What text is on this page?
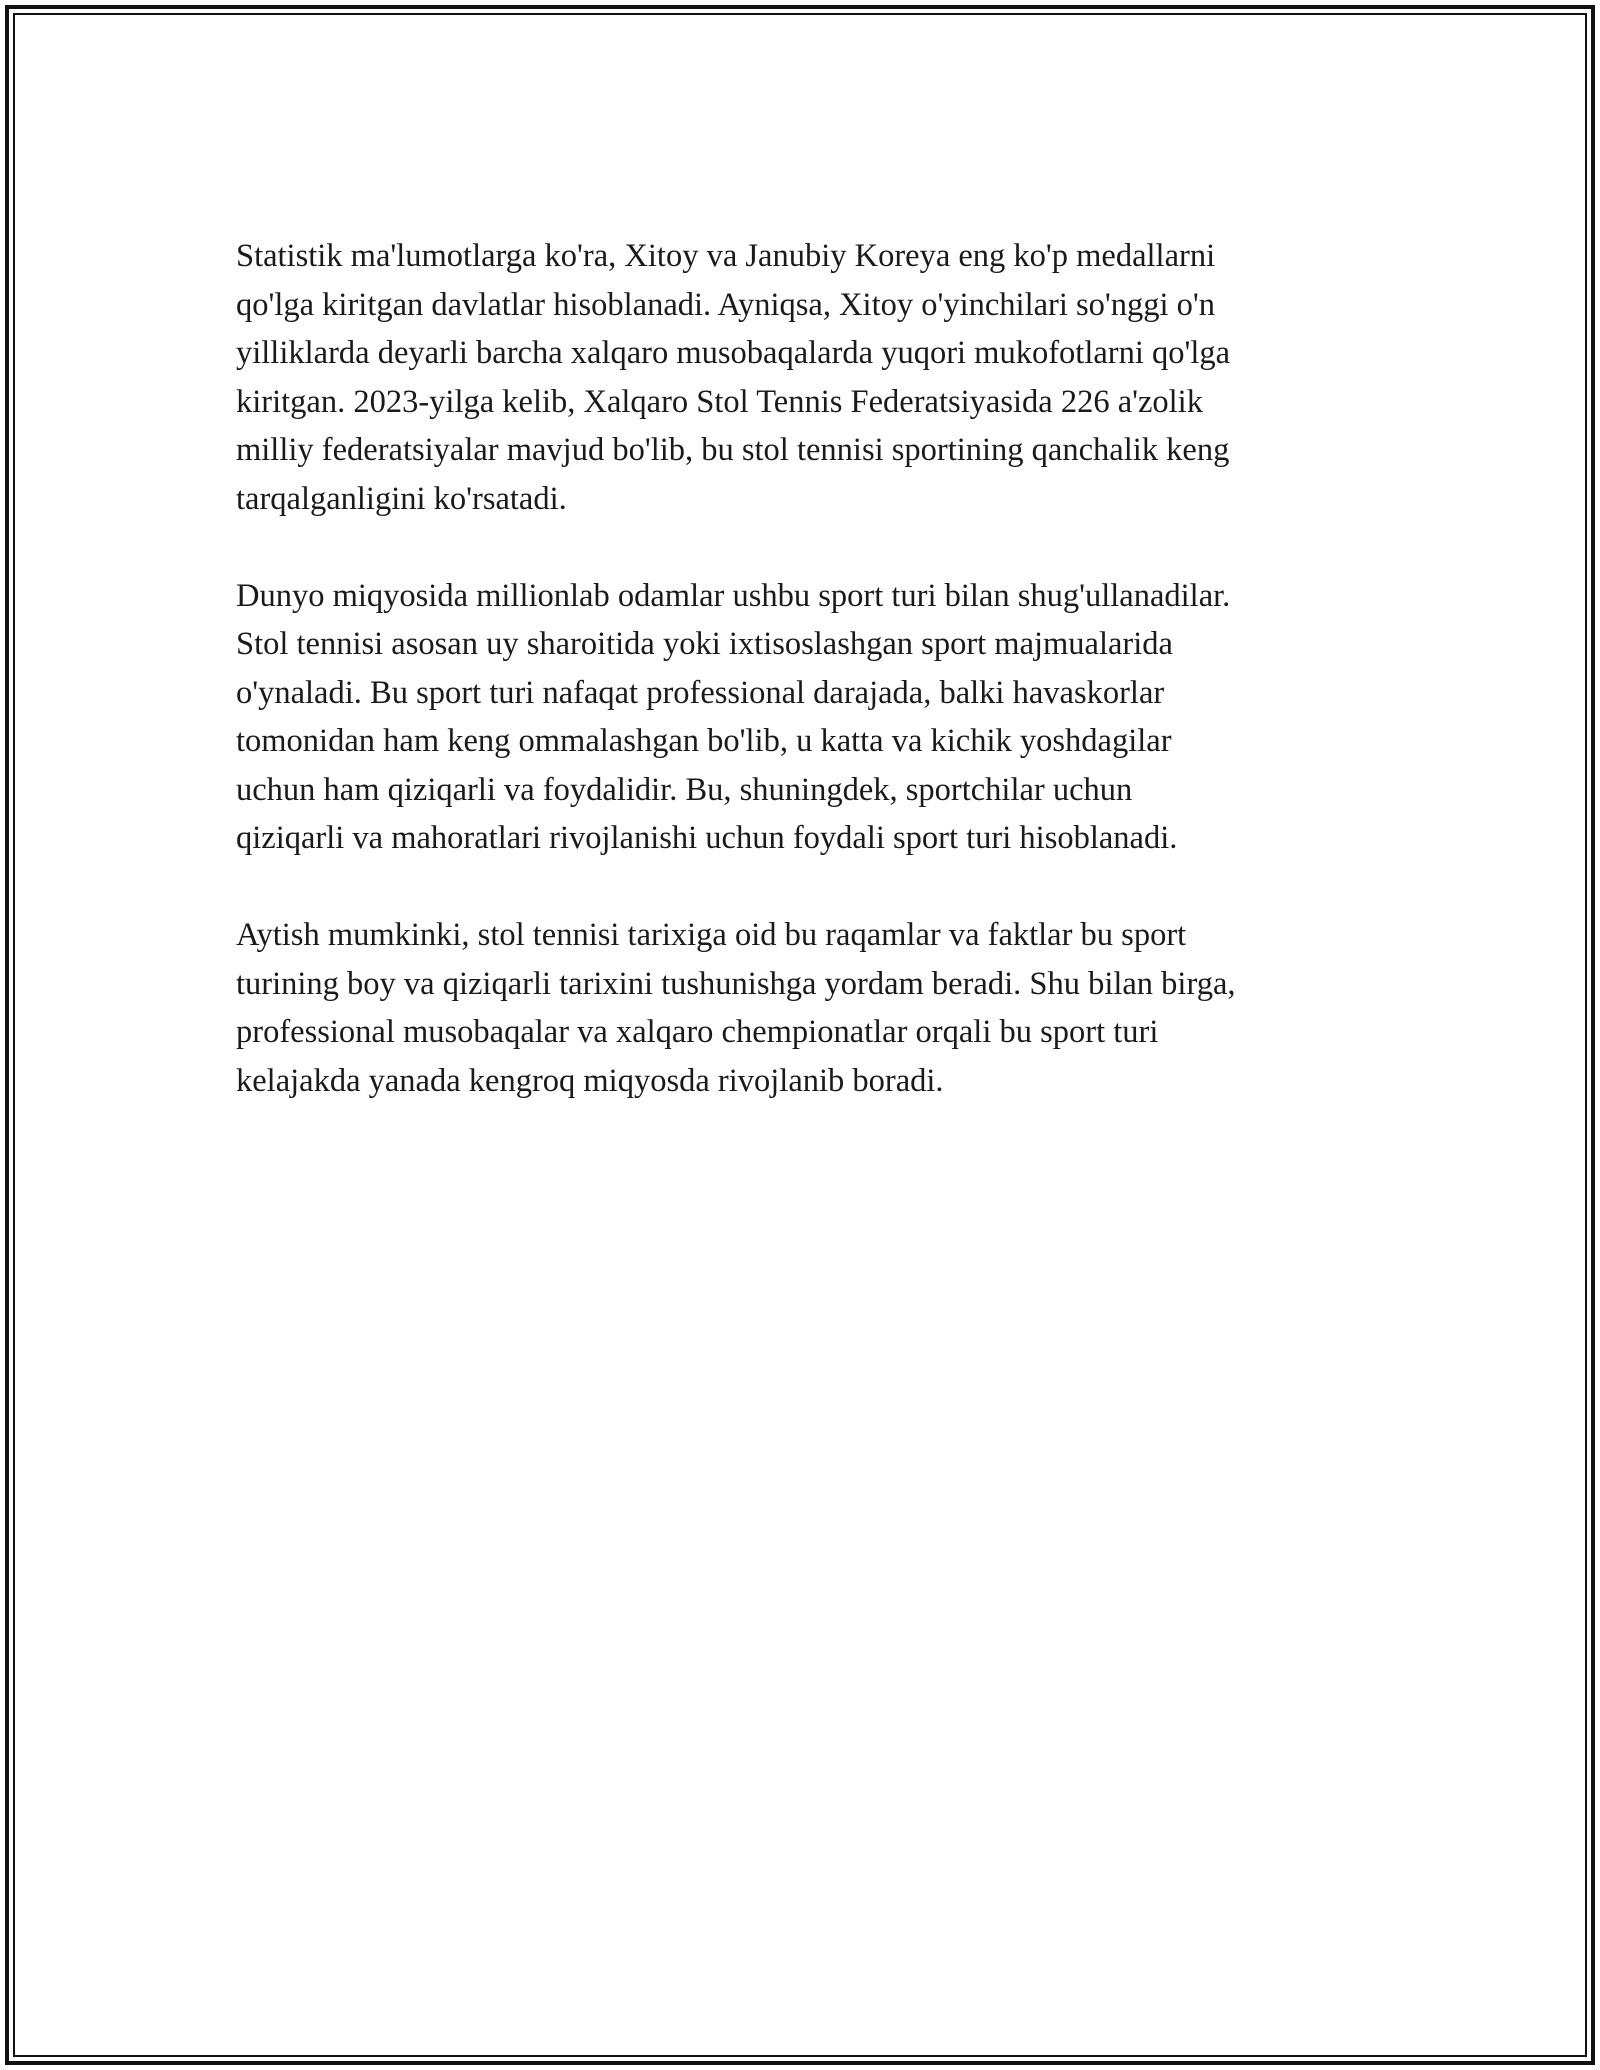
Statistik ma'lumotlarga ko'ra, Xitoy va Janubiy Koreya eng ko'p medallarni
qo'lga kiritgan davlatlar hisoblanadi. Ayniqsa, Xitoy o'yinchilari so'nggi o'n
yilliklarda deyarli barcha xalqaro musobaqalarda yuqori mukofotlarni qo'lga
kiritgan. 2023-yilga kelib, Xalqaro Stol Tennis Federatsiyasida 226 a'zolik
milliy federatsiyalar mavjud bo'lib, bu stol tennisi sportining qanchalik keng
tarqalganligini ko'rsatadi.

Dunyo miqyosida millionlab odamlar ushbu sport turi bilan shug'ullanadilar.
Stol tennisi asosan uy sharoitida yoki ixtisoslashgan sport majmualarida
o'ynaladi. Bu sport turi nafaqat professional darajada, balki havaskorlar
tomonidan ham keng ommalashgan bo'lib, u katta va kichik yoshdagilar
uchun ham qiziqarli va foydalidir. Bu, shuningdek, sportchilar uchun
qiziqarli va mahoratlari rivojlanishi uchun foydali sport turi hisoblanadi.

Aytish mumkinki, stol tennisi tarixiga oid bu raqamlar va faktlar bu sport
turining boy va qiziqarli tarixini tushunishga yordam beradi. Shu bilan birga,
professional musobaqalar va xalqaro chempionatlar orqali bu sport turi
kelajakda yanada kengroq miqyosda rivojlanib boradi.
